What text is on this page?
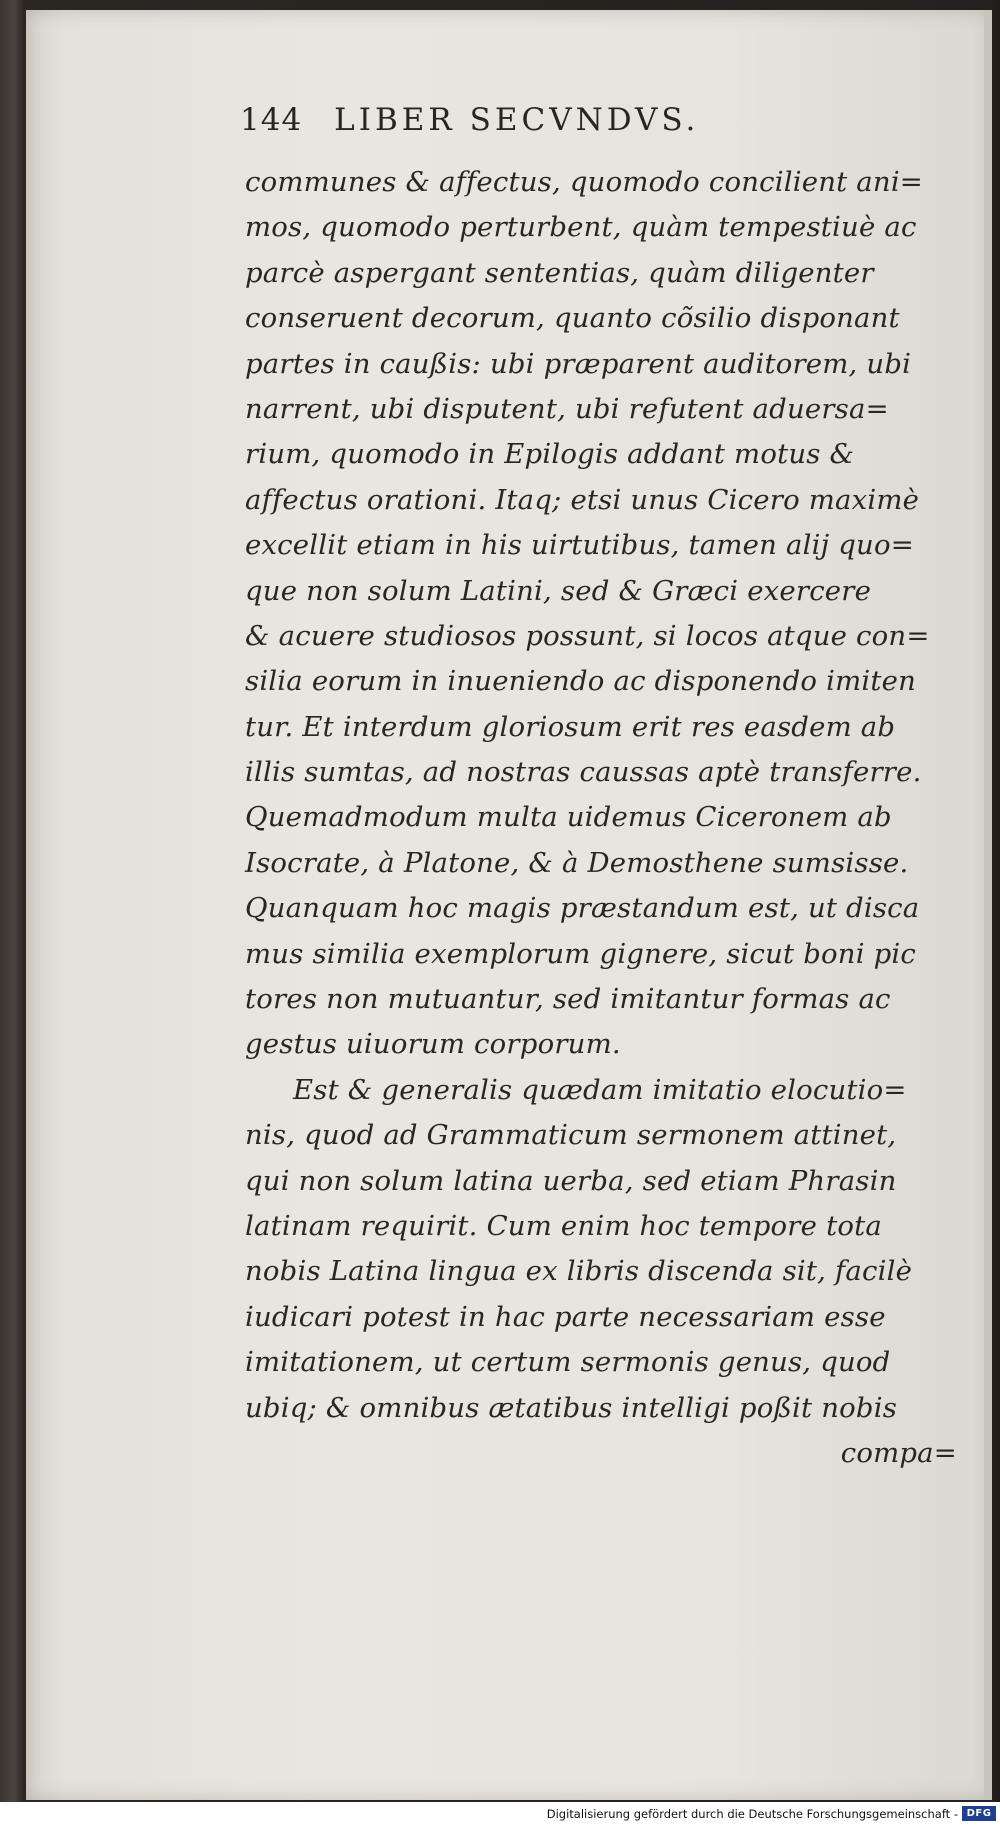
144 LIBER SECVNDVS.
communes & affectus, quomodo concilient ani=
mos, quomodo perturbent, quàm tempestiuè ac
parcè aspergant sententias, quàm diligenter
conseruent decorum, quanto cõsilio disponant
partes in caußis: ubi præparent auditorem, ubi
narrent, ubi disputent, ubi refutent aduersa=
rium, quomodo in Epilogis addant motus &
affectus orationi. Itaq; etsi unus Cicero maximè
excellit etiam in his uirtutibus, tamen alij quo=
que non solum Latini, sed & Græci exercere
& acuere studiosos possunt, si locos atque con=
silia eorum in inueniendo ac disponendo imiten
tur. Et interdum gloriosum erit res easdem ab
illis sumtas, ad nostras caussas aptè transferre.
Quemadmodum multa uidemus Ciceronem ab
Isocrate, à Platone, & à Demosthene sumsisse.
Quanquam hoc magis præstandum est, ut disca
mus similia exemplorum gignere, sicut boni pic
tores non mutuantur, sed imitantur formas ac
gestus uiuorum corporum.
Est & generalis quædam imitatio elocutio=
nis, quod ad Grammaticum sermonem attinet,
qui non solum latina uerba, sed etiam Phrasin
latinam requirit. Cum enim hoc tempore tota
nobis Latina lingua ex libris discenda sit, facilè
iudicari potest in hac parte necessariam esse
imitationem, ut certum sermonis genus, quod
ubiq; & omnibus ætatibus intelligi poßit nobis
compa=
Digitalisierung gefördert durch die Deutsche Forschungsgemeinschaft - DFG
